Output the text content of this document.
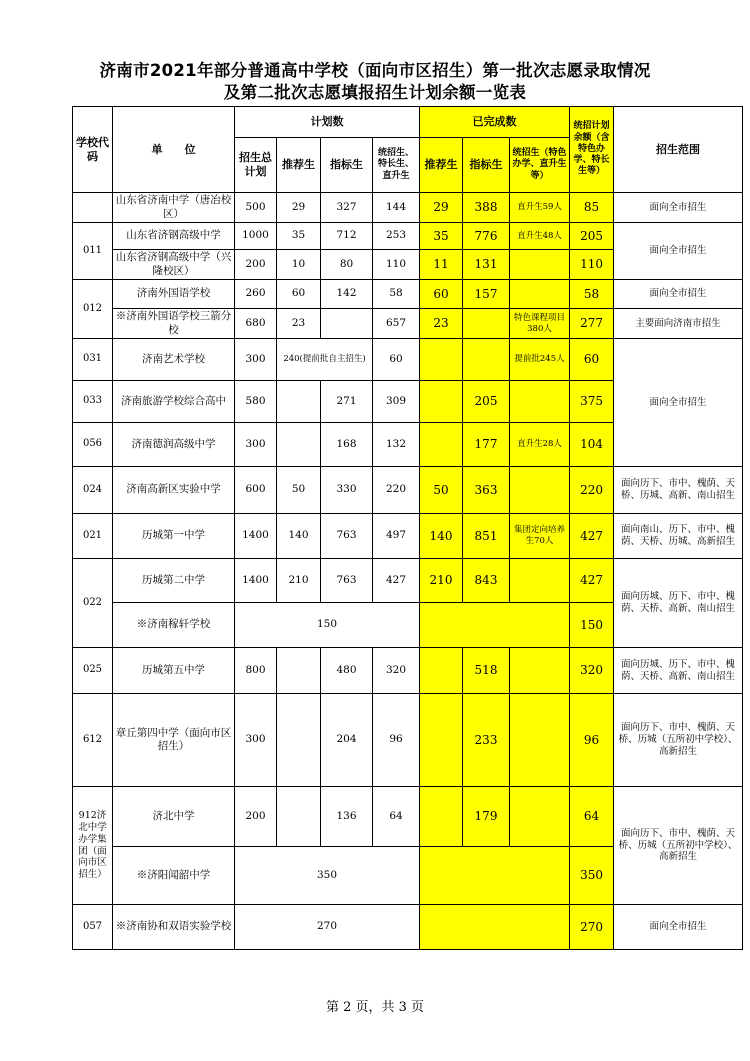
济南市2021年部分普通高中学校（面向市区招生）第一批次志愿录取情况
及第二批次志愿填报招生计划余额一览表
学校代码	单　　位	计划数				已完成数			统招计划余额（含特色办学、特长生等）	招生范围
		招生总计划	推荐生	指标生	统招生、特长生、直升生	推荐生	指标生	统招生（特色办学、直升生等）		
	山东省济南中学（唐冶校区）	500	29	327	144	29	388	直升生59人	85	面向全市招生
011	山东省济钢高级中学	1000	35	712	253	35	776	直升生48人	205	面向全市招生
	山东省济钢高级中学（兴隆校区）	200	10	80	110	11	131		110	
012	济南外国语学校	260	60	142	58	60	157		58	面向全市招生
	※济南外国语学校三箭分校	680	23		657	23		特色课程项目380人	277	主要面向济南市招生
031	济南艺术学校	300	240(提前批自主招生)		60			提前批245人	60	面向全市招生
033	济南旅游学校综合高中	580		271	309		205		375	
056	济南德润高级中学	300		168	132		177	直升生28人	104	
024	济南高新区实验中学	600	50	330	220	50	363		220	面向历下、市中、槐荫、天桥、历城、高新、南山招生
021	历城第一中学	1400	140	763	497	140	851	集团定向培养生70人	427	面向南山、历下、市中、槐荫、天桥、历城、高新招生
022	历城第二中学	1400	210	763	427	210	843		427	面向历城、历下、市中、槐荫、天桥、高新、南山招生
	※济南稼轩学校	150							150	
025	历城第五中学	800		480	320		518		320	面向历城、历下、市中、槐荫、天桥、高新、南山招生
612	章丘第四中学（面向市区招生）	300		204	96		233		96	面向历下、市中、槐荫、天桥、历城（五所初中学校）、高新招生
912济北中学办学集团（面向市区招生）	济北中学	200		136	64		179		64	面向历下、市中、槐荫、天桥、历城（五所初中学校）、高新招生
	※济阳闻韶中学	350							350	
057	※济南协和双语实验学校	270							270	面向全市招生
第 2 页，共 3 页
